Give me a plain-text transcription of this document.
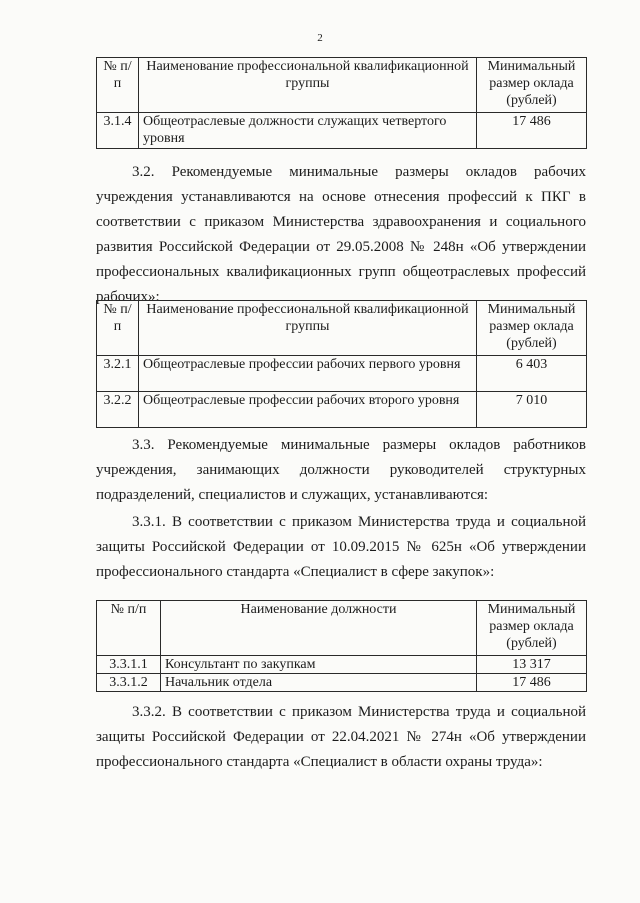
2
№ п/п	Наименование профессиональной квалификационной группы	Минимальный размер оклада (рублей)
3.1.4	Общеотраслевые должности служащих четвертого уровня	17 486

3.2. Рекомендуемые минимальные размеры окладов рабочих учреждения устанавливаются на основе отнесения профессий к ПКГ в соответствии с приказом Министерства здравоохранения и социального развития Российской Федерации от 29.05.2008 № 248н «Об утверждении профессиональных квалификационных групп общеотраслевых профессий рабочих»:

№ п/п	Наименование профессиональной квалификационной группы	Минимальный размер оклада (рублей)
3.2.1	Общеотраслевые профессии рабочих первого уровня	6 403
3.2.2	Общеотраслевые профессии рабочих второго уровня	7 010

3.3. Рекомендуемые минимальные размеры окладов работников учреждения, занимающих должности руководителей структурных подразделений, специалистов и служащих, устанавливаются:

3.3.1. В соответствии с приказом Министерства труда и социальной защиты Российской Федерации от 10.09.2015 № 625н «Об утверждении профессионального стандарта «Специалист в сфере закупок»:

№ п/п	Наименование должности	Минимальный размер оклада (рублей)
3.3.1.1	Консультант по закупкам	13 317
3.3.1.2	Начальник отдела	17 486

3.3.2. В соответствии с приказом Министерства труда и социальной защиты Российской Федерации от 22.04.2021 № 274н «Об утверждении профессионального стандарта «Специалист в области охраны труда»:
